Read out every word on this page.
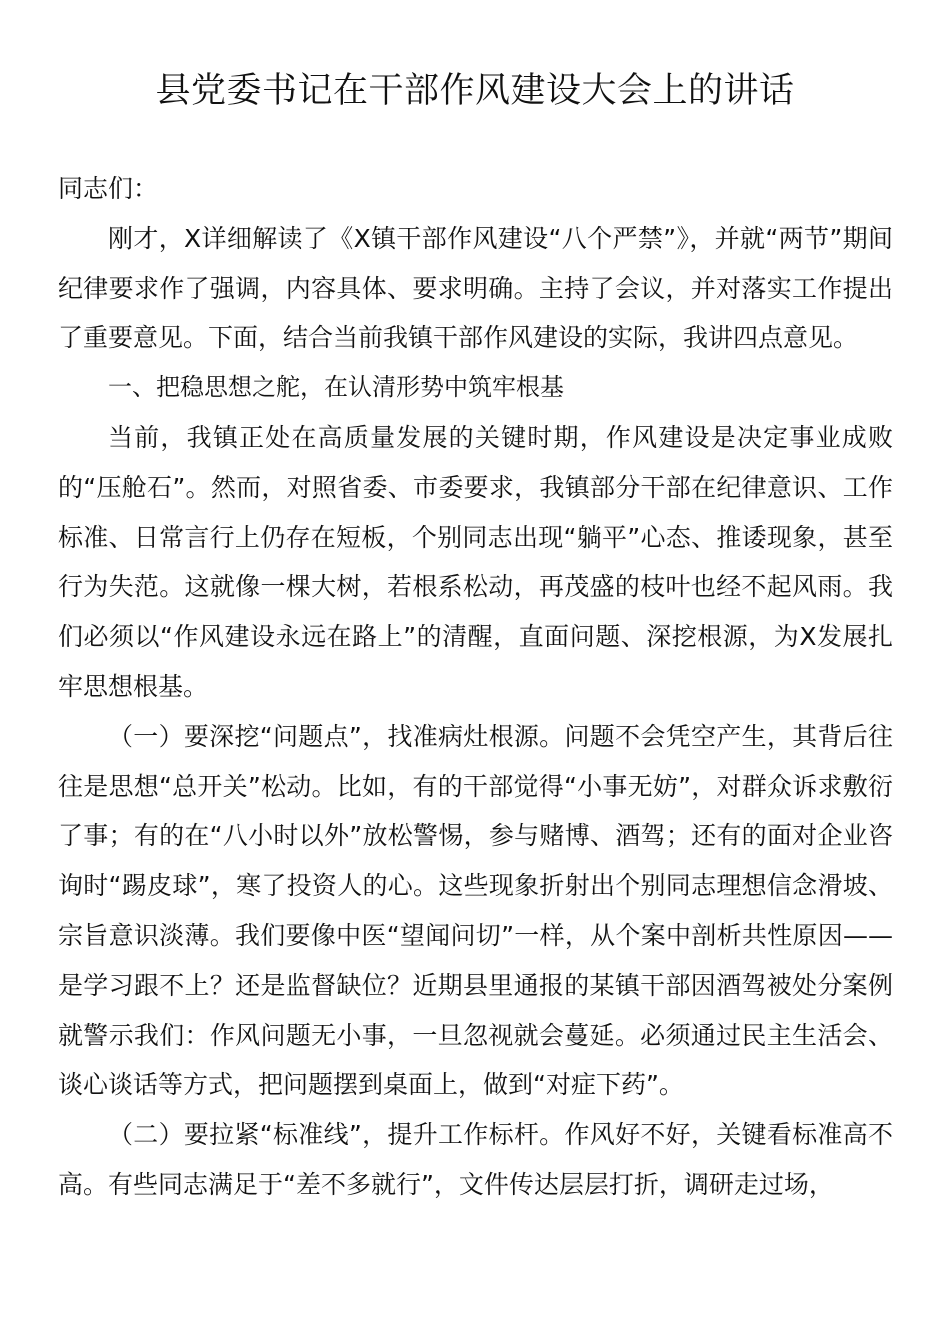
县党委书记在干部作风建设大会上的讲话

同志们：

刚才，X详细解读了《X镇干部作风建设“八个严禁”》，并就“两节”期间纪律要求作了强调，内容具体、要求明确。主持了会议，并对落实工作提出了重要意见。下面，结合当前我镇干部作风建设的实际，我讲四点意见。

一、把稳思想之舵，在认清形势中筑牢根基

当前，我镇正处在高质量发展的关键时期，作风建设是决定事业成败的“压舱石”。然而，对照省委、市委要求，我镇部分干部在纪律意识、工作标准、日常言行上仍存在短板，个别同志出现“躺平”心态、推诿现象，甚至行为失范。这就像一棵大树，若根系松动，再茂盛的枝叶也经不起风雨。我们必须以“作风建设永远在路上”的清醒，直面问题、深挖根源，为X发展扎牢思想根基。

（一）要深挖“问题点”，找准病灶根源。问题不会凭空产生，其背后往往是思想“总开关”松动。比如，有的干部觉得“小事无妨”，对群众诉求敷衍了事；有的在“八小时以外”放松警惕，参与赌博、酒驾；还有的面对企业咨询时“踢皮球”，寒了投资人的心。这些现象折射出个别同志理想信念滑坡、宗旨意识淡薄。我们要像中医“望闻问切”一样，从个案中剖析共性原因——是学习跟不上？还是监督缺位？近期县里通报的某镇干部因酒驾被处分案例就警示我们：作风问题无小事，一旦忽视就会蔓延。必须通过民主生活会、谈心谈话等方式，把问题摆到桌面上，做到“对症下药”。

（二）要拉紧“标准线”，提升工作标杆。作风好不好，关键看标准高不高。有些同志满足于“差不多就行”，文件传达层层打折，调研走过场，
